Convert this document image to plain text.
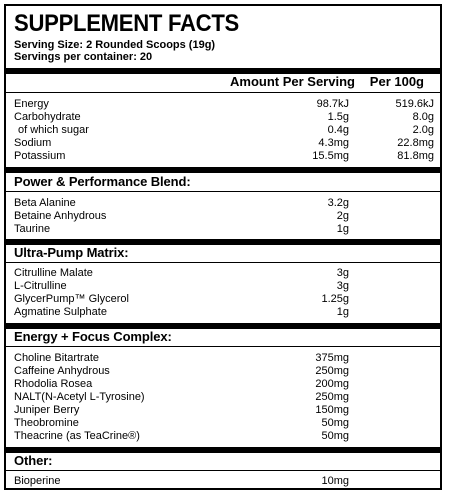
SUPPLEMENT FACTS
Serving Size: 2 Rounded Scoops (19g)
Servings per container: 20
Amount Per Serving Per 100g
Energy	98.7kJ	519.6kJ
Carbohydrate	1.5g	8.0g
of which sugar	0.4g	2.0g
Sodium	4.3mg	22.8mg
Potassium	15.5mg	81.8mg
Power & Performance Blend:
Beta Alanine	3.2g
Betaine Anhydrous	2g
Taurine	1g
Ultra-Pump Matrix:
Citrulline Malate	3g
L-Citrulline	3g
GlycerPump™ Glycerol	1.25g
Agmatine Sulphate	1g
Energy + Focus Complex:
Choline Bitartrate	375mg
Caffeine Anhydrous	250mg
Rhodolia Rosea	200mg
NALT(N-Acetyl L-Tyrosine)	250mg
Juniper Berry	150mg
Theobromine	50mg
Theacrine (as TeaCrine®)	50mg
Other:
Bioperine	10mg
